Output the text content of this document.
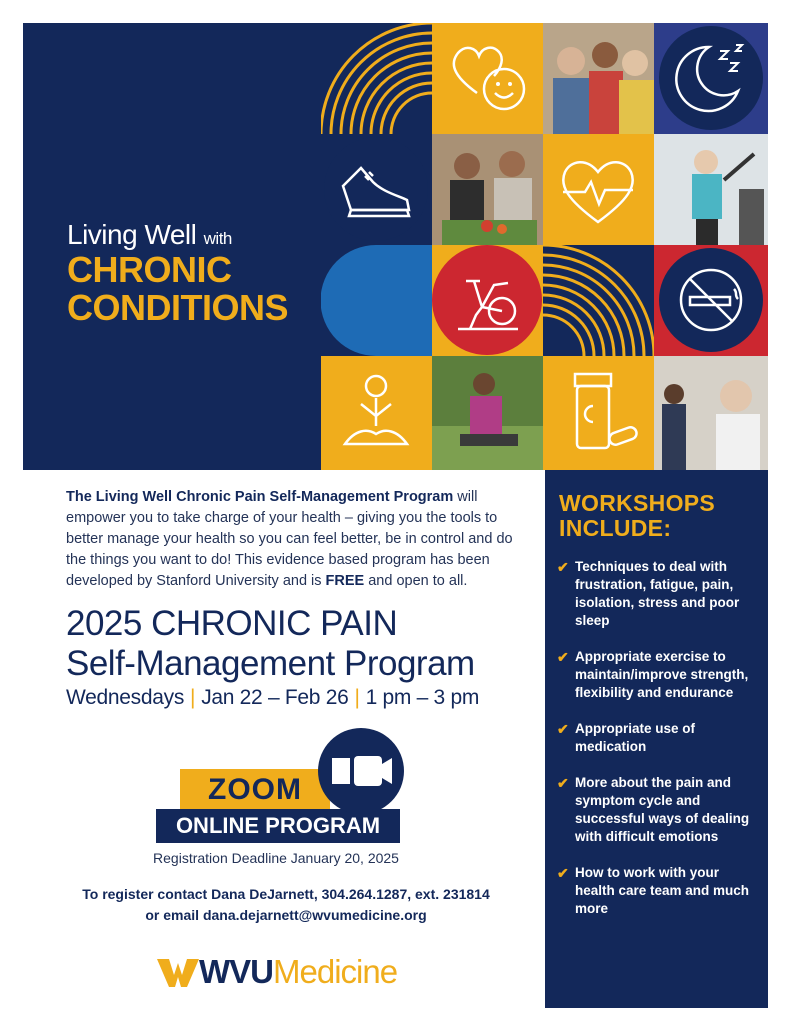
Living Well with
CHRONIC
CONDITIONS
The Living Well Chronic Pain Self-Management Program will empower you to take charge of your health – giving you the tools to better manage your health so you can feel better, be in control and do the things you want to do! This evidence based program has been developed by Stanford University and is FREE and open to all.
2025 CHRONIC PAIN
Self-Management Program
Wednesdays | Jan 22 – Feb 26 | 1 pm – 3 pm
ZOOM
ONLINE PROGRAM
Registration Deadline January 20, 2025
To register contact Dana DeJarnett, 304.264.1287, ext. 231814
or email dana.dejarnett@wvumedicine.org
WVU Medicine
WORKSHOPS
INCLUDE:
✔ Techniques to deal with frustration, fatigue, pain, isolation, stress and poor sleep
✔ Appropriate exercise to maintain/improve strength, flexibility and endurance
✔ Appropriate use of medication
✔ More about the pain and symptom cycle and successful ways of dealing with difficult emotions
✔ How to work with your health care team and much more
